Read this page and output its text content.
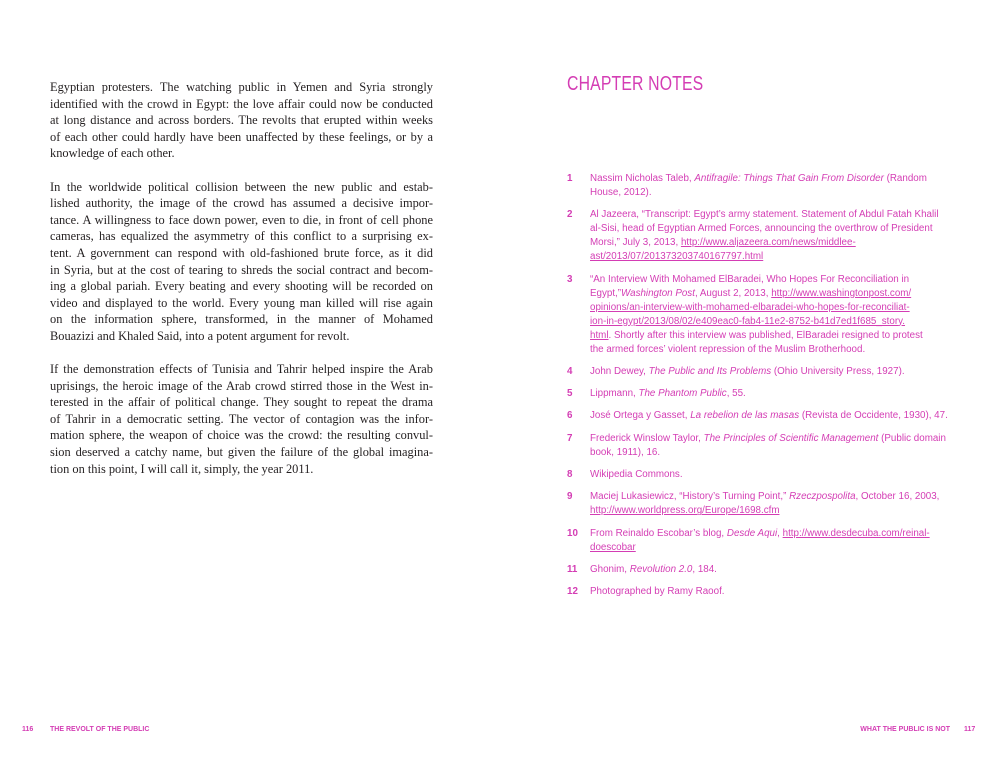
Egyptian protesters. The watching public in Yemen and Syria strongly
identified with the crowd in Egypt: the love affair could now be conducted
at long distance and across borders. The revolts that erupted within weeks
of each other could hardly have been unaffected by these feelings, or by a
knowledge of each other.

In the worldwide political collision between the new public and estab-
lished authority, the image of the crowd has assumed a decisive impor-
tance. A willingness to face down power, even to die, in front of cell phone
cameras, has equalized the asymmetry of this conflict to a surprising ex-
tent. A government can respond with old-fashioned brute force, as it did
in Syria, but at the cost of tearing to shreds the social contract and becom-
ing a global pariah. Every beating and every shooting will be recorded on
video and displayed to the world. Every young man killed will rise again
on the information sphere, transformed, in the manner of Mohamed
Bouazizi and Khaled Said, into a potent argument for revolt.

If the demonstration effects of Tunisia and Tahrir helped inspire the Arab
uprisings, the heroic image of the Arab crowd stirred those in the West in-
terested in the affair of political change. They sought to repeat the drama
of Tahrir in a democratic setting. The vector of contagion was the infor-
mation sphere, the weapon of choice was the crowd: the resulting convul-
sion deserved a catchy name, but given the failure of the global imagina-
tion on this point, I will call it, simply, the year 2011.

116 THE REVOLT OF THE PUBLIC
CHAPTER NOTES
1 Nassim Nicholas Taleb, Antifragile: Things That Gain From Disorder (Random
House, 2012).
2 Al Jazeera, “Transcript: Egypt’s army statement. Statement of Abdul Fatah Khalil
al-Sisi, head of Egyptian Armed Forces, announcing the overthrow of President
Morsi,” July 3, 2013, http://www.aljazeera.com/news/middlee-
ast/2013/07/201373203740167797.html
3 “An Interview With Mohamed ElBaradei, Who Hopes For Reconciliation in
Egypt,”Washington Post, August 2, 2013, http://www.washingtonpost.com/
opinions/an-interview-with-mohamed-elbaradei-who-hopes-for-reconciliat-
ion-in-egypt/2013/08/02/e409eac0-fab4-11e2-8752-b41d7ed1f685_story.
html. Shortly after this interview was published, ElBaradei resigned to protest
the armed forces’ violent repression of the Muslim Brotherhood.
4 John Dewey, The Public and Its Problems (Ohio University Press, 1927).
5 Lippmann, The Phantom Public, 55.
6 José Ortega y Gasset, La rebelion de las masas (Revista de Occidente, 1930), 47.
7 Frederick Winslow Taylor, The Principles of Scientific Management (Public domain
book, 1911), 16.
8 Wikipedia Commons.
9 Maciej Lukasiewicz, “History’s Turning Point,” Rzeczpospolita, October 16, 2003,
http://www.worldpress.org/Europe/1698.cfm
10 From Reinaldo Escobar’s blog, Desde Aqui, http://www.desdecuba.com/reinal-
doescobar
11 Ghonim, Revolution 2.0, 184.
12 Photographed by Ramy Raoof.
WHAT THE PUBLIC IS NOT 117
